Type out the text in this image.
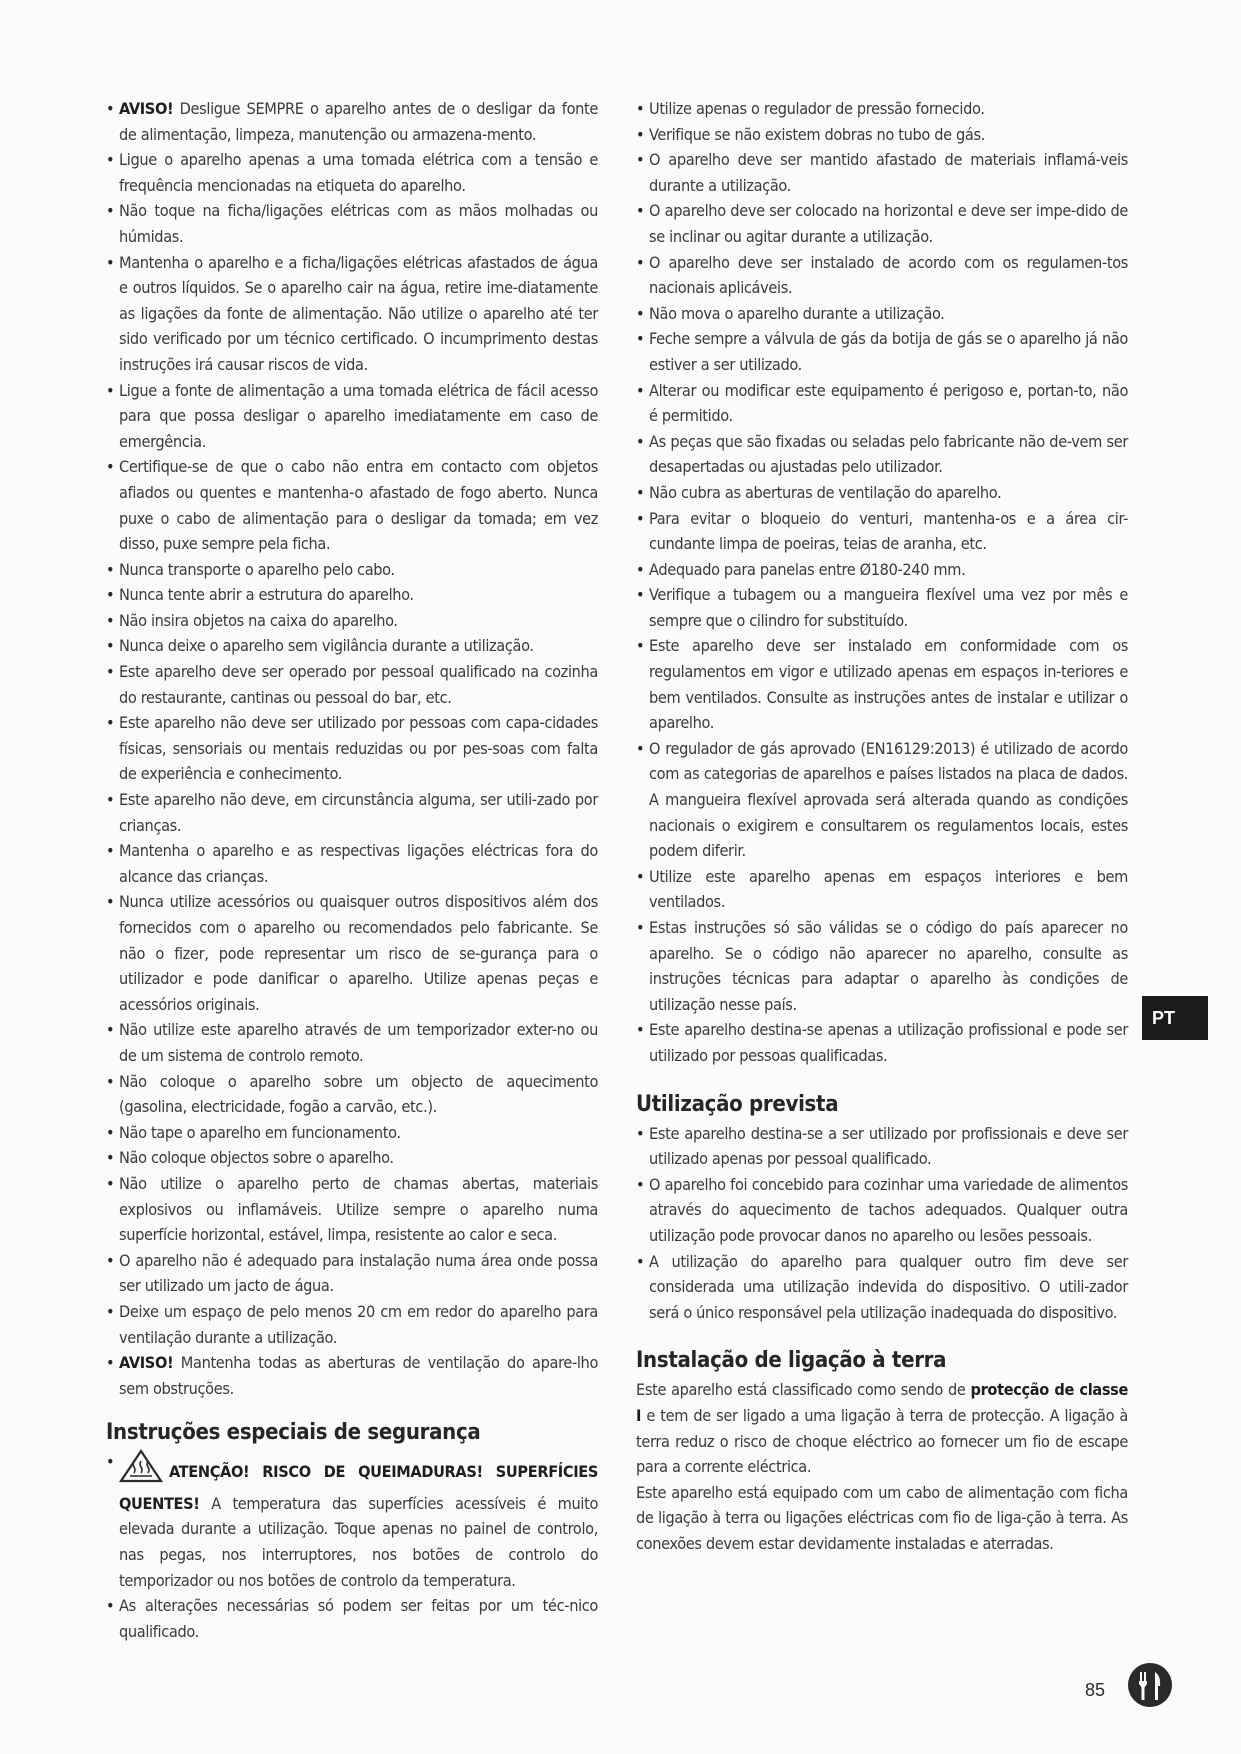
• AVISO! Desligue SEMPRE o aparelho antes de o desligar da fonte de alimentação, limpeza, manutenção ou armazena-mento.
• Ligue o aparelho apenas a uma tomada elétrica com a tensão e frequência mencionadas na etiqueta do aparelho.
• Não toque na ficha/ligações elétricas com as mãos molhadas ou húmidas.
• Mantenha o aparelho e a ficha/ligações elétricas afastados de água e outros líquidos. Se o aparelho cair na água, retire ime-diatamente as ligações da fonte de alimentação. Não utilize o aparelho até ter sido verificado por um técnico certificado. O incumprimento destas instruções irá causar riscos de vida.
• Ligue a fonte de alimentação a uma tomada elétrica de fácil acesso para que possa desligar o aparelho imediatamente em caso de emergência.
• Certifique-se de que o cabo não entra em contacto com objetos afiados ou quentes e mantenha-o afastado de fogo aberto. Nunca puxe o cabo de alimentação para o desligar da tomada; em vez disso, puxe sempre pela ficha.
• Nunca transporte o aparelho pelo cabo.
• Nunca tente abrir a estrutura do aparelho.
• Não insira objetos na caixa do aparelho.
• Nunca deixe o aparelho sem vigilância durante a utilização.
• Este aparelho deve ser operado por pessoal qualificado na cozinha do restaurante, cantinas ou pessoal do bar, etc.
• Este aparelho não deve ser utilizado por pessoas com capa-cidades físicas, sensoriais ou mentais reduzidas ou por pes-soas com falta de experiência e conhecimento.
• Este aparelho não deve, em circunstância alguma, ser utili-zado por crianças.
• Mantenha o aparelho e as respectivas ligações eléctricas fora do alcance das crianças.
• Nunca utilize acessórios ou quaisquer outros dispositivos além dos fornecidos com o aparelho ou recomendados pelo fabricante. Se não o fizer, pode representar um risco de se-gurança para o utilizador e pode danificar o aparelho. Utilize apenas peças e acessórios originais.
• Não utilize este aparelho através de um temporizador exter-no ou de um sistema de controlo remoto.
• Não coloque o aparelho sobre um objecto de aquecimento (gasolina, electricidade, fogão a carvão, etc.).
• Não tape o aparelho em funcionamento.
• Não coloque objectos sobre o aparelho.
• Não utilize o aparelho perto de chamas abertas, materiais explosivos ou inflamáveis. Utilize sempre o aparelho numa superfície horizontal, estável, limpa, resistente ao calor e seca.
• O aparelho não é adequado para instalação numa área onde possa ser utilizado um jacto de água.
• Deixe um espaço de pelo menos 20 cm em redor do aparelho para ventilação durante a utilização.
• AVISO! Mantenha todas as aberturas de ventilação do apare-lho sem obstruções.
Instruções especiais de segurança
• ATENÇÃO! RISCO DE QUEIMADURAS! SUPERFÍCIES QUENTES! A temperatura das superfícies acessíveis é muito elevada durante a utilização. Toque apenas no painel de controlo, nas pegas, nos interruptores, nos botões de controlo do temporizador ou nos botões de controlo da temperatura.
• As alterações necessárias só podem ser feitas por um téc-nico qualificado.
• Utilize apenas o regulador de pressão fornecido.
• Verifique se não existem dobras no tubo de gás.
• O aparelho deve ser mantido afastado de materiais inflamá-veis durante a utilização.
• O aparelho deve ser colocado na horizontal e deve ser impe-dido de se inclinar ou agitar durante a utilização.
• O aparelho deve ser instalado de acordo com os regulamen-tos nacionais aplicáveis.
• Não mova o aparelho durante a utilização.
• Feche sempre a válvula de gás da botija de gás se o aparelho já não estiver a ser utilizado.
• Alterar ou modificar este equipamento é perigoso e, portan-to, não é permitido.
• As peças que são fixadas ou seladas pelo fabricante não de-vem ser desapertadas ou ajustadas pelo utilizador.
• Não cubra as aberturas de ventilação do aparelho.
• Para evitar o bloqueio do venturi, mantenha-os e a área cir-cundante limpa de poeiras, teias de aranha, etc.
• Adequado para panelas entre Ø180-240 mm.
• Verifique a tubagem ou a mangueira flexível uma vez por mês e sempre que o cilindro for substituído.
• Este aparelho deve ser instalado em conformidade com os regulamentos em vigor e utilizado apenas em espaços in-teriores e bem ventilados. Consulte as instruções antes de instalar e utilizar o aparelho.
• O regulador de gás aprovado (EN16129:2013) é utilizado de acordo com as categorias de aparelhos e países listados na placa de dados. A mangueira flexível aprovada será alterada quando as condições nacionais o exigirem e consultarem os regulamentos locais, estes podem diferir.
• Utilize este aparelho apenas em espaços interiores e bem ventilados.
• Estas instruções só são válidas se o código do país aparecer no aparelho. Se o código não aparecer no aparelho, consulte as instruções técnicas para adaptar o aparelho às condições de utilização nesse país.
• Este aparelho destina-se apenas a utilização profissional e pode ser utilizado por pessoas qualificadas.
Utilização prevista
• Este aparelho destina-se a ser utilizado por profissionais e deve ser utilizado apenas por pessoal qualificado.
• O aparelho foi concebido para cozinhar uma variedade de alimentos através do aquecimento de tachos adequados. Qualquer outra utilização pode provocar danos no aparelho ou lesões pessoais.
• A utilização do aparelho para qualquer outro fim deve ser considerada uma utilização indevida do dispositivo. O utili-zador será o único responsável pela utilização inadequada do dispositivo.
Instalação de ligação à terra

Este aparelho está classificado como sendo de protecção de classe I e tem de ser ligado a uma ligação à terra de protecção. A ligação à terra reduz o risco de choque eléctrico ao fornecer um fio de escape para a corrente eléctrica.

Este aparelho está equipado com um cabo de alimentação com ficha de ligação à terra ou ligações eléctricas com fio de liga-ção à terra. As conexões devem estar devidamente instaladas e aterradas.

PT
85
